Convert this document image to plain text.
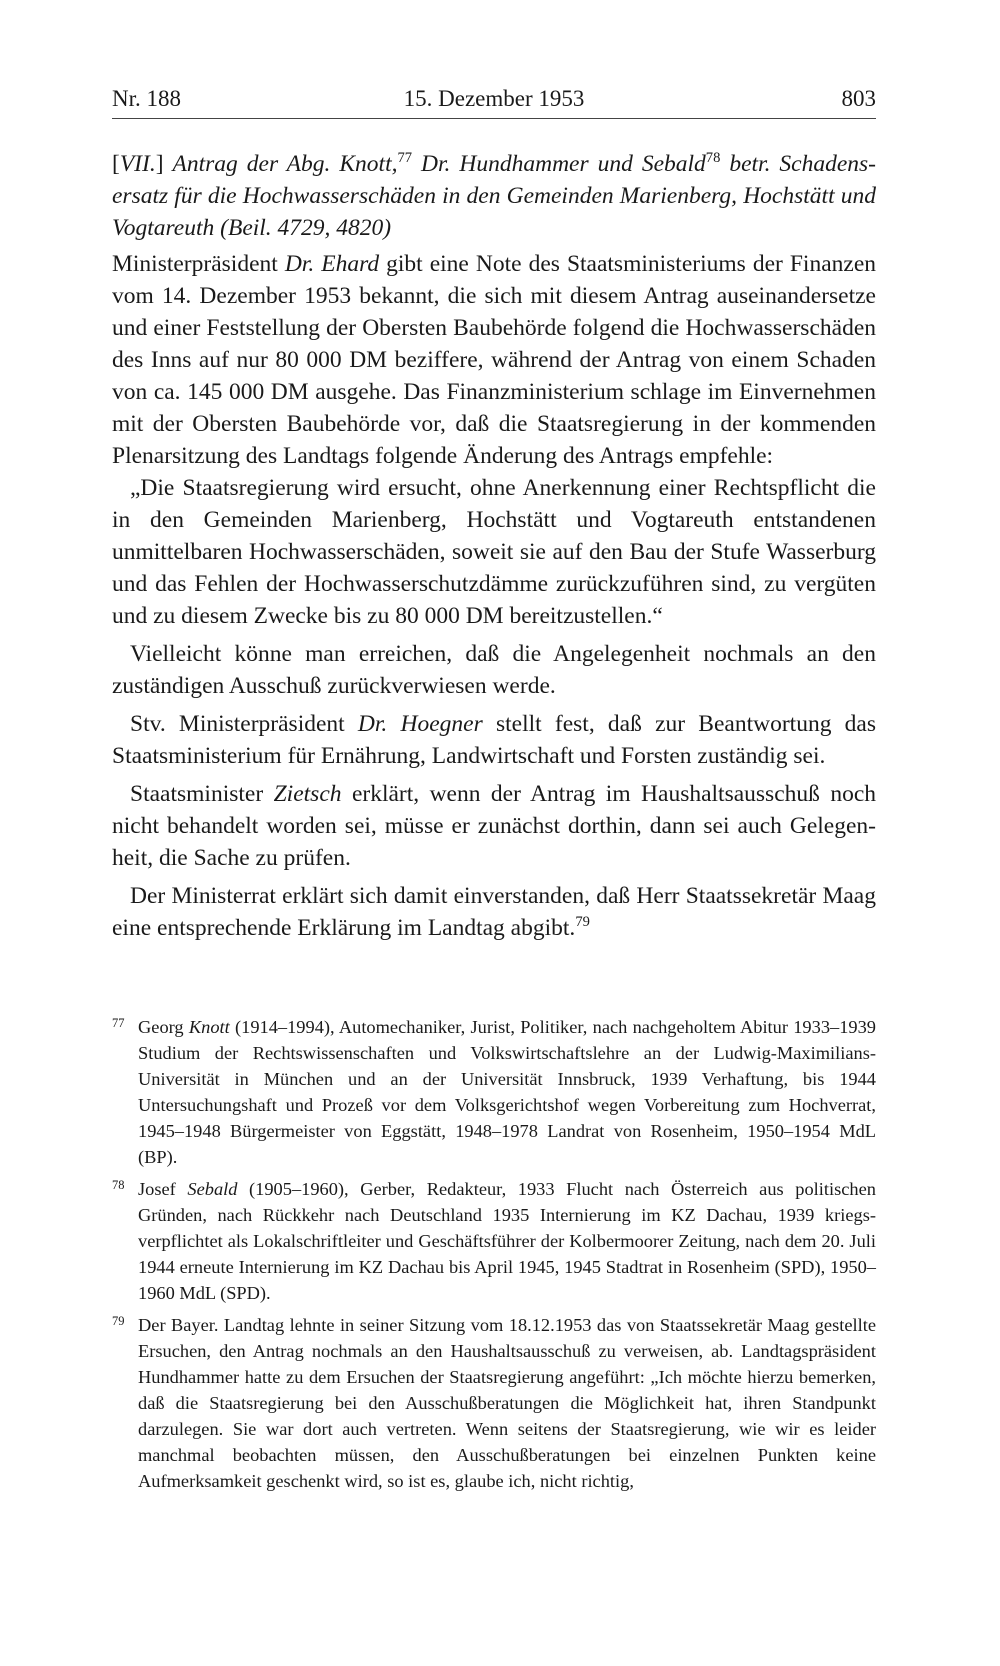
Nr. 188	15. Dezember 1953	803

[VII.] Antrag der Abg. Knott,$^{77}$ Dr. Hundhammer und Sebald$^{78}$ betr. Schadensersatz für die Hochwasserschäden in den Gemeinden Marienberg, Hochstätt und Vogtareuth (Beil. 4729, 4820)

Ministerpräsident Dr. Ehard gibt eine Note des Staatsministeriums der Finanzen vom 14. Dezember 1953 bekannt, die sich mit diesem Antrag auseinandersetze und einer Feststellung der Obersten Baubehörde folgend die Hochwasserschäden des Inns auf nur 80 000 DM beziffere, während der Antrag von einem Schaden von ca. 145 000 DM ausgehe. Das Finanzministerium schlage im Einvernehmen mit der Obersten Baubehörde vor, daß die Staatsregierung in der kommenden Plenarsitzung des Landtags folgende Änderung des Antrags empfehle:

„Die Staatsregierung wird ersucht, ohne Anerkennung einer Rechtspflicht die in den Gemeinden Marienberg, Hochstätt und Vogtareuth entstandenen unmittelbaren Hochwasserschäden, soweit sie auf den Bau der Stufe Wasserburg und das Fehlen der Hochwasserschutzdämme zurückzuführen sind, zu vergüten und zu diesem Zwecke bis zu 80 000 DM bereitzustellen.“

Vielleicht könne man erreichen, daß die Angelegenheit nochmals an den zuständigen Ausschuß zurückverwiesen werde.

Stv. Ministerpräsident Dr. Hoegner stellt fest, daß zur Beantwortung das Staatsministerium für Ernährung, Landwirtschaft und Forsten zuständig sei.

Staatsminister Zietsch erklärt, wenn der Antrag im Haushaltsausschuß noch nicht behandelt worden sei, müsse er zunächst dorthin, dann sei auch Gelegenheit, die Sache zu prüfen.

Der Ministerrat erklärt sich damit einverstanden, daß Herr Staatssekretär Maag eine entsprechende Erklärung im Landtag abgibt.$^{79}$

77 Georg Knott (1914–1994), Automechaniker, Jurist, Politiker, nach nachgeholtem Abitur 1933–1939 Studium der Rechtswissenschaften und Volkswirtschaftslehre an der Ludwig-Maximilians-Universität in München und an der Universität Innsbruck, 1939 Verhaftung, bis 1944 Untersuchungshaft und Prozeß vor dem Volksgerichtshof wegen Vorbereitung zum Hochverrat, 1945–1948 Bürgermeister von Eggstätt, 1948–1978 Landrat von Rosenheim, 1950–1954 MdL (BP).
78 Josef Sebald (1905–1960), Gerber, Redakteur, 1933 Flucht nach Österreich aus politischen Gründen, nach Rückkehr nach Deutschland 1935 Internierung im KZ Dachau, 1939 kriegsverpflichtet als Lokalschriftleiter und Geschäftsführer der Kolbermoorer Zeitung, nach dem 20. Juli 1944 erneute Internierung im KZ Dachau bis April 1945, 1945 Stadtrat in Rosenheim (SPD), 1950–1960 MdL (SPD).
79 Der Bayer. Landtag lehnte in seiner Sitzung vom 18.12.1953 das von Staatssekretär Maag gestellte Ersuchen, den Antrag nochmals an den Haushaltsausschuß zu verweisen, ab. Landtagspräsident Hundhammer hatte zu dem Ersuchen der Staatsregierung angeführt: „Ich möchte hierzu bemerken, daß die Staatsregierung bei den Ausschußberatungen die Möglichkeit hat, ihren Standpunkt darzulegen. Sie war dort auch vertreten. Wenn seitens der Staatsregierung, wie wir es leider manchmal beobachten müssen, den Ausschußberatungen bei einzelnen Punkten keine Aufmerksamkeit geschenkt wird, so ist es, glaube ich, nicht richtig,
